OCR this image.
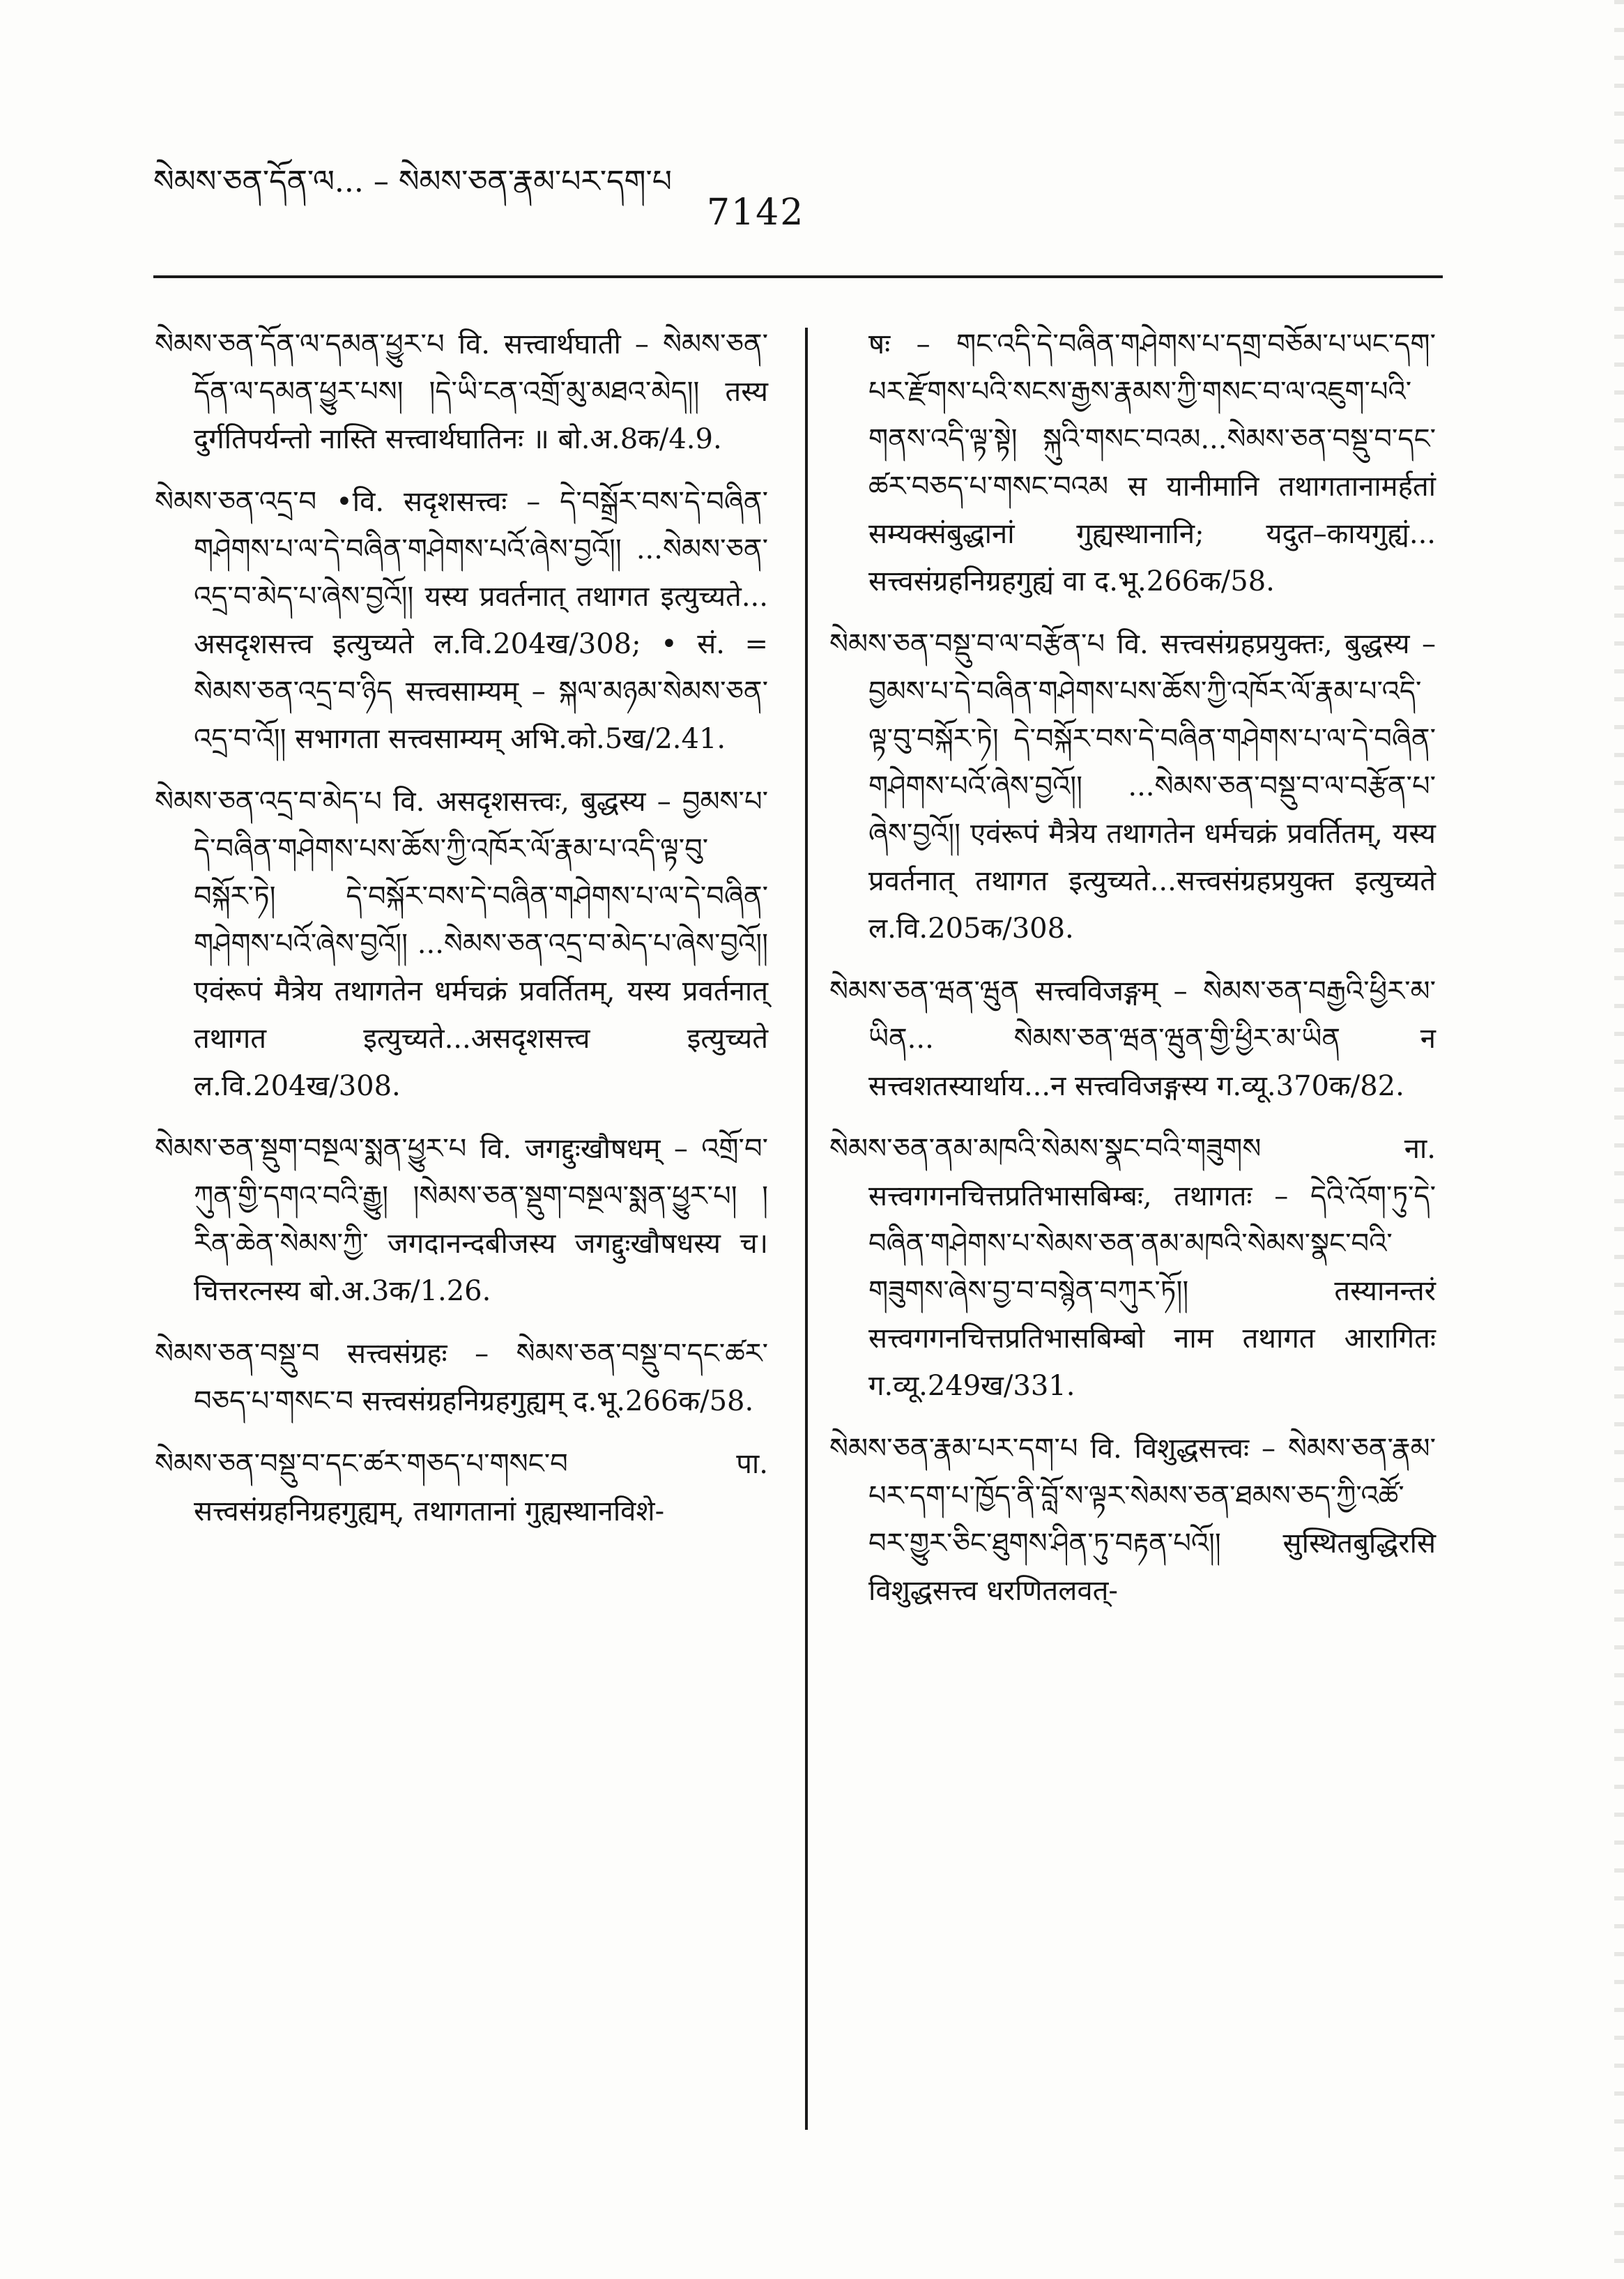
སེམས་ཅན་དོན་ལ... – སེམས་ཅན་རྣམ་པར་དག་པ
7142

སེམས་ཅན་དོན་ལ་དམན་ཕྱུར་པ वि. सत्त्वार्थघाती – སེམས་ཅན་དོན་ལ་དམན་ཕྱུར་པས། །དེ་ཡི་ངན་འགྲོ་མུ་མཐའ་མེད།། तस्य दुर्गतिपर्यन्तो नास्ति सत्त्वार्थघातिनः ॥ बो.अ.8क/4.9.

སེམས་ཅན་འདྲ་བ •वि. सदृशसत्त्वः – དེ་བསྒྲོར་བས་དེ་བཞིན་གཤེགས་པ་ལ་དེ་བཞིན་གཤེགས་པའོ་ཞེས་བྱའོ།། ...སེམས་ཅན་འདྲ་བ་མེད་པ་ཞེས་བྱའོ།། यस्य प्रवर्तनात् तथागत इत्युच्यते... असदृशसत्त्व इत्युच्यते ल.वि.204ख/308; • सं. = སེམས་ཅན་འདྲ་བ་ཉིད सत्त्वसाम्यम् – སྐལ་མཉམ་སེམས་ཅན་འདྲ་བ་འོ།། सभागता सत्त्वसाम्यम् अभि.को.5ख/2.41.

སེམས་ཅན་འདྲ་བ་མེད་པ वि. असदृशसत्त्वः, बुद्धस्य – བྱམས་པ་དེ་བཞིན་གཤེགས་པས་ཆོས་ཀྱི་འཁོར་ལོ་རྣམ་པ་འདི་ལྟ་བུ་བསྐོར་ཏེ། དེ་བསྐོར་བས་དེ་བཞིན་གཤེགས་པ་ལ་དེ་བཞིན་གཤེགས་པའོ་ཞེས་བྱའོ།། ...སེམས་ཅན་འདྲ་བ་མེད་པ་ཞེས་བྱའོ།། एवंरूपं मैत्रेय तथागतेन धर्मचक्रं प्रवर्तितम्, यस्य प्रवर्तनात् तथागत इत्युच्यते...असदृशसत्त्व इत्युच्यते ल.वि.204ख/308.

སེམས་ཅན་སྡུག་བསྔལ་སྨན་ཕྱུར་པ वि. जगद्दुःखौषधम् – འགྲོ་བ་ཀུན་གྱི་དགའ་བའི་རྒྱུ། །སེམས་ཅན་སྡུག་བསྔལ་སྨན་ཕྱུར་པ། །རིན་ཆེན་སེམས་ཀྱི་ जगदानन्दबीजस्य जगद्दुःखौषधस्य च। चित्तरत्नस्य बो.अ.3क/1.26.

སེམས་ཅན་བསྡུ་བ सत्त्वसंग्रहः – སེམས་ཅན་བསྡུ་བ་དང་ཚར་བཅད་པ་གསང་བ सत्त्वसंग्रहनिग्रहगुह्यम् द.भू.266क/58.

སེམས་ཅན་བསྡུ་བ་དང་ཚར་གཅད་པ་གསང་བ पा. सत्त्वसंग्रहनिग्रहगुह्यम्, तथागतानां गुह्यस्थानविशे-

षः – གང་འདི་དེ་བཞིན་གཤེགས་པ་དགྲ་བཅོམ་པ་ཡང་དག་པར་རྫོགས་པའི་སངས་རྒྱས་རྣམས་ཀྱི་གསང་བ་ལ་འཇུག་པའི་གནས་འདི་ལྟ་སྟེ། སྐུའི་གསང་བའམ...སེམས་ཅན་བསྡུ་བ་དང་ཚར་བཅད་པ་གསང་བའམ स यानीमानि तथागतानामर्हतां सम्यक्संबुद्धानां गुह्यस्थानानि; यदुत–कायगुह्यं... सत्त्वसंग्रहनिग्रहगुह्यं वा द.भू.266क/58.

སེམས་ཅན་བསྡུ་བ་ལ་བརྩོན་པ वि. सत्त्वसंग्रहप्रयुक्तः, बुद्धस्य – བྱམས་པ་དེ་བཞིན་གཤེགས་པས་ཆོས་ཀྱི་འཁོར་ལོ་རྣམ་པ་འདི་ལྟ་བུ་བསྐོར་ཏེ། དེ་བསྐོར་བས་དེ་བཞིན་གཤེགས་པ་ལ་དེ་བཞིན་གཤེགས་པའོ་ཞེས་བྱའོ།། ...སེམས་ཅན་བསྡུ་བ་ལ་བརྩོན་པ་ཞེས་བྱའོ།། एवंरूपं मैत्रेय तथागतेन धर्मचक्रं प्रवर्तितम्, यस्य प्रवर्तनात् तथागत इत्युच्यते...सत्त्वसंग्रहप्रयुक्त इत्युच्यते ल.वि.205क/308.

སེམས་ཅན་ཝན་ཝུན सत्त्वविजङ्गम् – སེམས་ཅན་བརྒྱའི་ཕྱིར་མ་ཡིན... སེམས་ཅན་ཝན་ཝུན་གྱི་ཕྱིར་མ་ཡིན न सत्त्वशतस्यार्थाय...न सत्त्वविजङ्गस्य ग.व्यू.370क/82.

སེམས་ཅན་ནམ་མཁའི་སེམས་སྣང་བའི་གཟུགས ना. सत्त्वगगनचित्तप्रतिभासबिम्बः, तथागतः – དེའི་འོག་ཏུ་དེ་བཞིན་གཤེགས་པ་སེམས་ཅན་ནམ་མཁའི་སེམས་སྣང་བའི་གཟུགས་ཞེས་བྱ་བ་བསྙེན་བཀུར་ཏོ།། तस्यानन्तरं सत्त्वगगनचित्तप्रतिभासबिम्बो नाम तथागत आरागितः ग.व्यू.249ख/331.

སེམས་ཅན་རྣམ་པར་དག་པ वि. विशुद्धसत्त्वः – སེམས་ཅན་རྣམ་པར་དག་པ་ཁྱོད་ནི་བློ་ས་ལྟར་སེམས་ཅན་ཐམས་ཅད་ཀྱི་འཚོ་བར་གྱུར་ཅིང་ཐུགས་ཤིན་ཏུ་བརྟན་པའོ།། सुस्थितबुद्धिरसि विशुद्धसत्त्व धरणितलवत्-
